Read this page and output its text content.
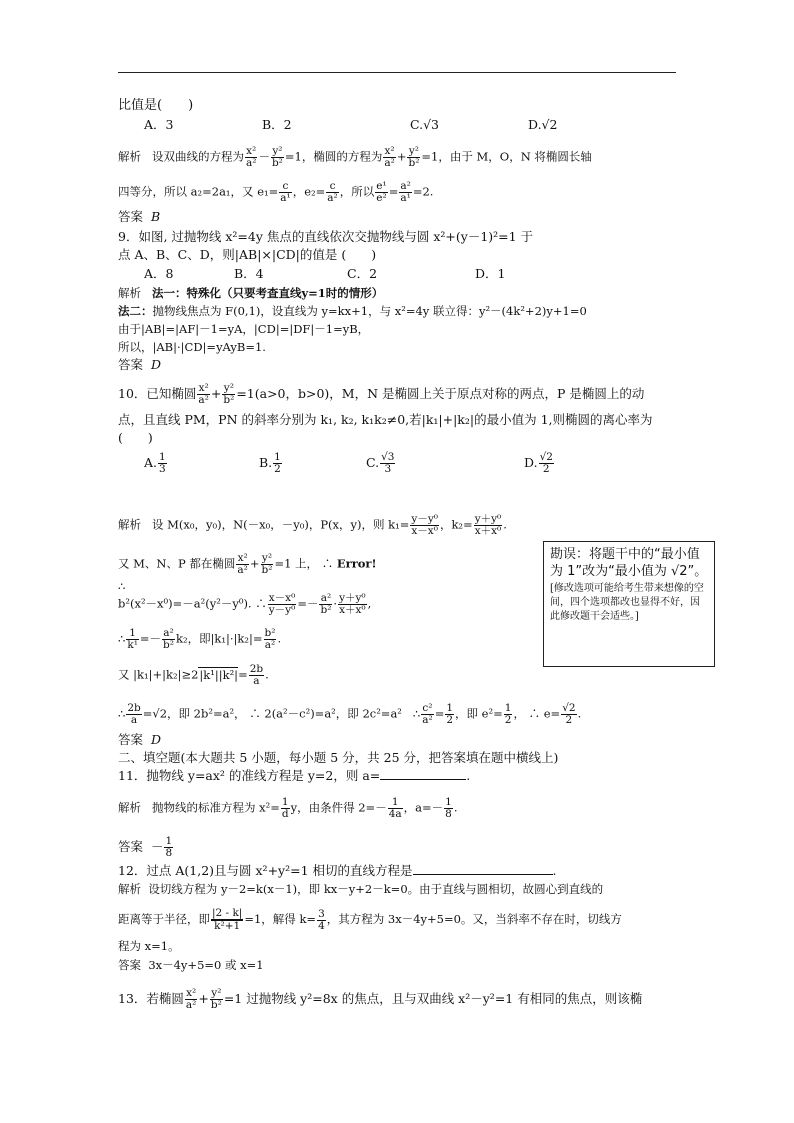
比值是(　　)
A．3	B．2	C.√3	D.√2
解析 设双曲线的方程为 $\frac{\text{x²}}{\text{a²}} - \frac{\text{y²}}{\text{b²}} =1$，椭圆的方程为 $\frac{\text{x²}}{\text{a²}} + \frac{\text{y²}}{\text{b²}} =1$，由于 M，O，N 将椭圆长轴
四等分，所以 a₂=2a₁，又 $e_1= \frac{c}{\text{a¹}}$ ，$e_2= \frac{c}{\text{a²}}$ ，所以 $\frac{\text{e¹}}{\text{e²}} = \frac{\text{a²}}{\text{a¹}} =2$.
答案 B
9．如图, 过抛物线 x²=4y 焦点的直线依次交抛物线与圆 x²+(y－1)²=1 于
点 A、B、C、D，则|AB|×|CD|的值是 (　　)
A．8	B．4	C．2	D．1
解析 法一：特殊化（只要考查直线y=1时的情形）
法二：抛物线焦点为 F(0,1)，设直线为 y=kx+1，与 x²=4y 联立得：y²－(4k²+2)y+1=0
由于|AB|=|AF|－1=yA，|CD|=|DF|－1=yB，
所以，|AB|·|CD|=yAyB=1.
答案 D
10．已知椭圆 $\frac{\text{x²}}{\text{a²}} + \frac{\text{y²}}{\text{b²}} =1(a>0$，b>0)，M，N 是椭圆上关于原点对称的两点，P 是椭圆上的动
点，且直线 PM，PN 的斜率分别为 k₁, k₂, k₁k₂≠0,若|k₁|+|k₂|的最小值为 1,则椭圆的离心率为
(　　)
A. $\frac{1}{3}$	B. $\frac{1}{2}$	C. $\frac{√3}{3}$	D. $\frac{√2}{2}$
解析 设 M(x₀，y₀)，N(－x₀，－y₀)，P(x，y)，则 $k_1= \frac{\text{y－y⁰}}{\text{x－x⁰}}$ ，$k_2= \frac{\text{y＋y⁰}}{\text{x＋x⁰}}$ .
又 M、N、P 都在椭圆 $\frac{\text{x²}}{\text{a²}} + \frac{\text{y²}}{\text{b²}} =1$ 上， ∴ Error!
∴
b²(x²－x⁰)=－a²(y²－y⁰). ∴ $\frac{\text{x－x⁰}}{\text{y－y⁰}} =- \frac{\text{a²}}{\text{b²}} \cdot \frac{\text{y＋y⁰}}{\text{x＋x⁰}}$ ,
∴ $\frac{1}{\text{k¹}} =- \frac{\text{a²}}{\text{b²}} k_2$，即$|k_1|\cdot|k_2|= \frac{\text{b²}}{\text{a²}}$ .
又 $|k_1|+|k_2|\ge 2|k^1||k^2|= \frac{2b}{a}$ .
∴ $\frac{2b}{a} =√2$，即 2b²=a²， ∴ 2(a²－c²)=a²，即 2c²=a²   ∴ $\frac{\text{c²}}{\text{a²}} = \frac{1}{2}$ ，即 $e^2= \frac{1}{2}$ ， ∴ $e= \frac{√2}{2}$ .
答案 D
勘误：将题干中的“最小值为 1”改为“最小值为 √2”。
[修改选项可能给考生带来想像的空间，四个选项都改也显得不好，因此修改题干会适些。]
二、填空题(本大题共 5 小题，每小题 5 分，共 25 分，把答案填在题中横线上)
11．抛物线 y=ax² 的准线方程是 y=2，则 a=	.
解析 抛物线的标准方程为 $x^2= \frac{1}{d}$ y，由条件得 $2=- \frac{1}{4a}$ ，$a=- \frac{1}{8}$ .
答案  － $\frac{1}{8}$
12．过点 A(1,2)且与圆 x²+y²=1 相切的直线方程是	.
解析 设切线方程为 y－2=k(x－1)，即 kx－y+2－k=0。由于直线与圆相切，故圆心到直线的
距离等于半径，即 $\frac{|2 - k|}{\text{k²+1}} =1$，解得 $k= \frac{3}{4}$ ，其方程为 3x－4y+5=0。又，当斜率不存在时，切线方
程为 x=1。
答案 3x－4y+5=0 或 x=1
13．若椭圆 $\frac{\text{x²}}{\text{a²}} + \frac{\text{y²}}{\text{b²}} =1$ 过抛物线 y²=8x 的焦点，且与双曲线 x²－y²=1 有相同的焦点，则该椭
